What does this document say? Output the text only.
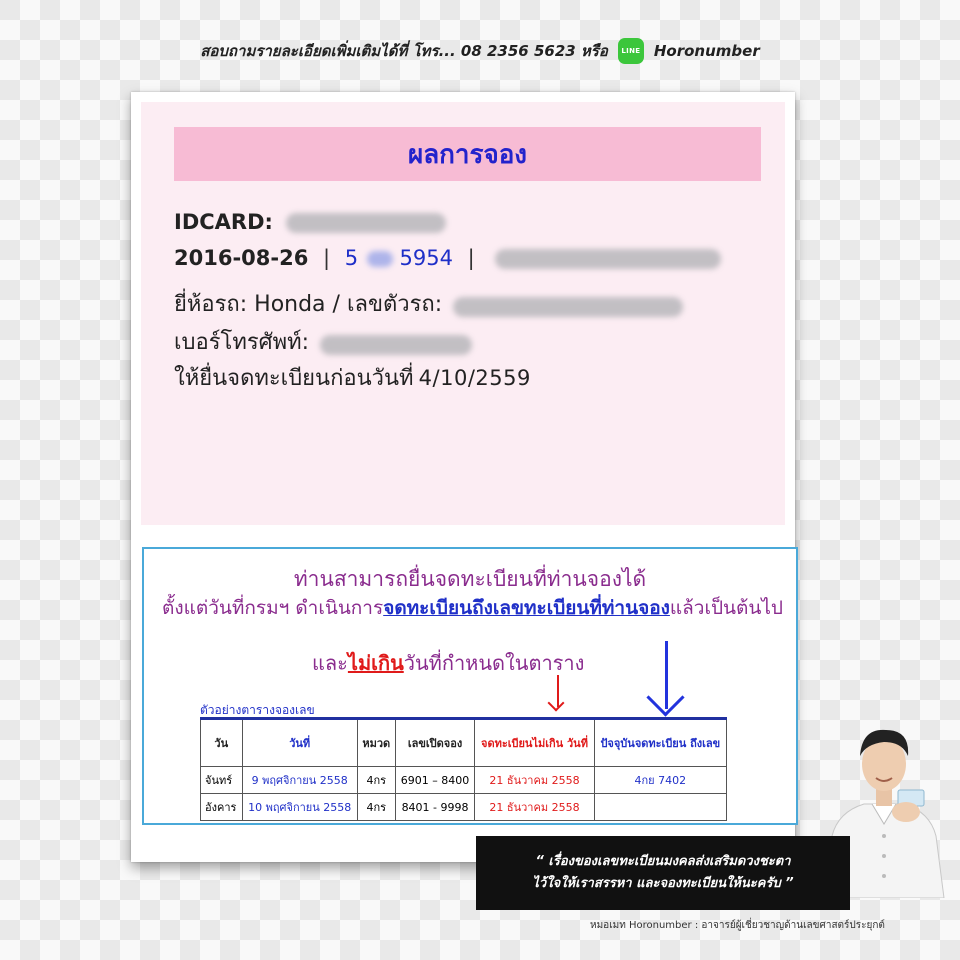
สอบถามรายละเอียดเพิ่มเติมได้ที่ โทร... 08 2356 5623 หรือ	LINE Horonumber
ผลการจอง
IDCARD:
2016-08-26 | 5 5954 |
ยี่ห้อรถ: Honda / เลขตัวรถ:
เบอร์โทรศัพท์:
ให้ยื่นจดทะเบียนก่อนวันที่ 4/10/2559
ท่านสามารถยื่นจดทะเบียนที่ท่านจองได้
ตั้งแต่วันที่กรมฯ ดำเนินการจดทะเบียนถึงเลขทะเบียนที่ท่านจองแล้วเป็นต้นไป
และไม่เกินวันที่กำหนดในตาราง
ตัวอย่างตารางจองเลข
วัน	วันที่	หมวด	เลขเปิดจอง	จดทะเบียนไม่เกิน วันที่	ปัจจุบันจดทะเบียน ถึงเลข
จันทร์	9 พฤศจิกายน 2558	4กร	6901 – 8400	21 ธันวาคม 2558	4กย 7402
อังคาร	10 พฤศจิกายน 2558	4กร	8401 - 9998	21 ธันวาคม 2558	
“ เรื่องของเลขทะเบียนมงคลส่งเสริมดวงชะตา
ไว้ใจให้เราสรรหา และจองทะเบียนให้นะครับ ”
หมอเมท Horonumber : อาจารย์ผู้เชี่ยวชาญด้านเลขศาสตร์ประยุกต์
